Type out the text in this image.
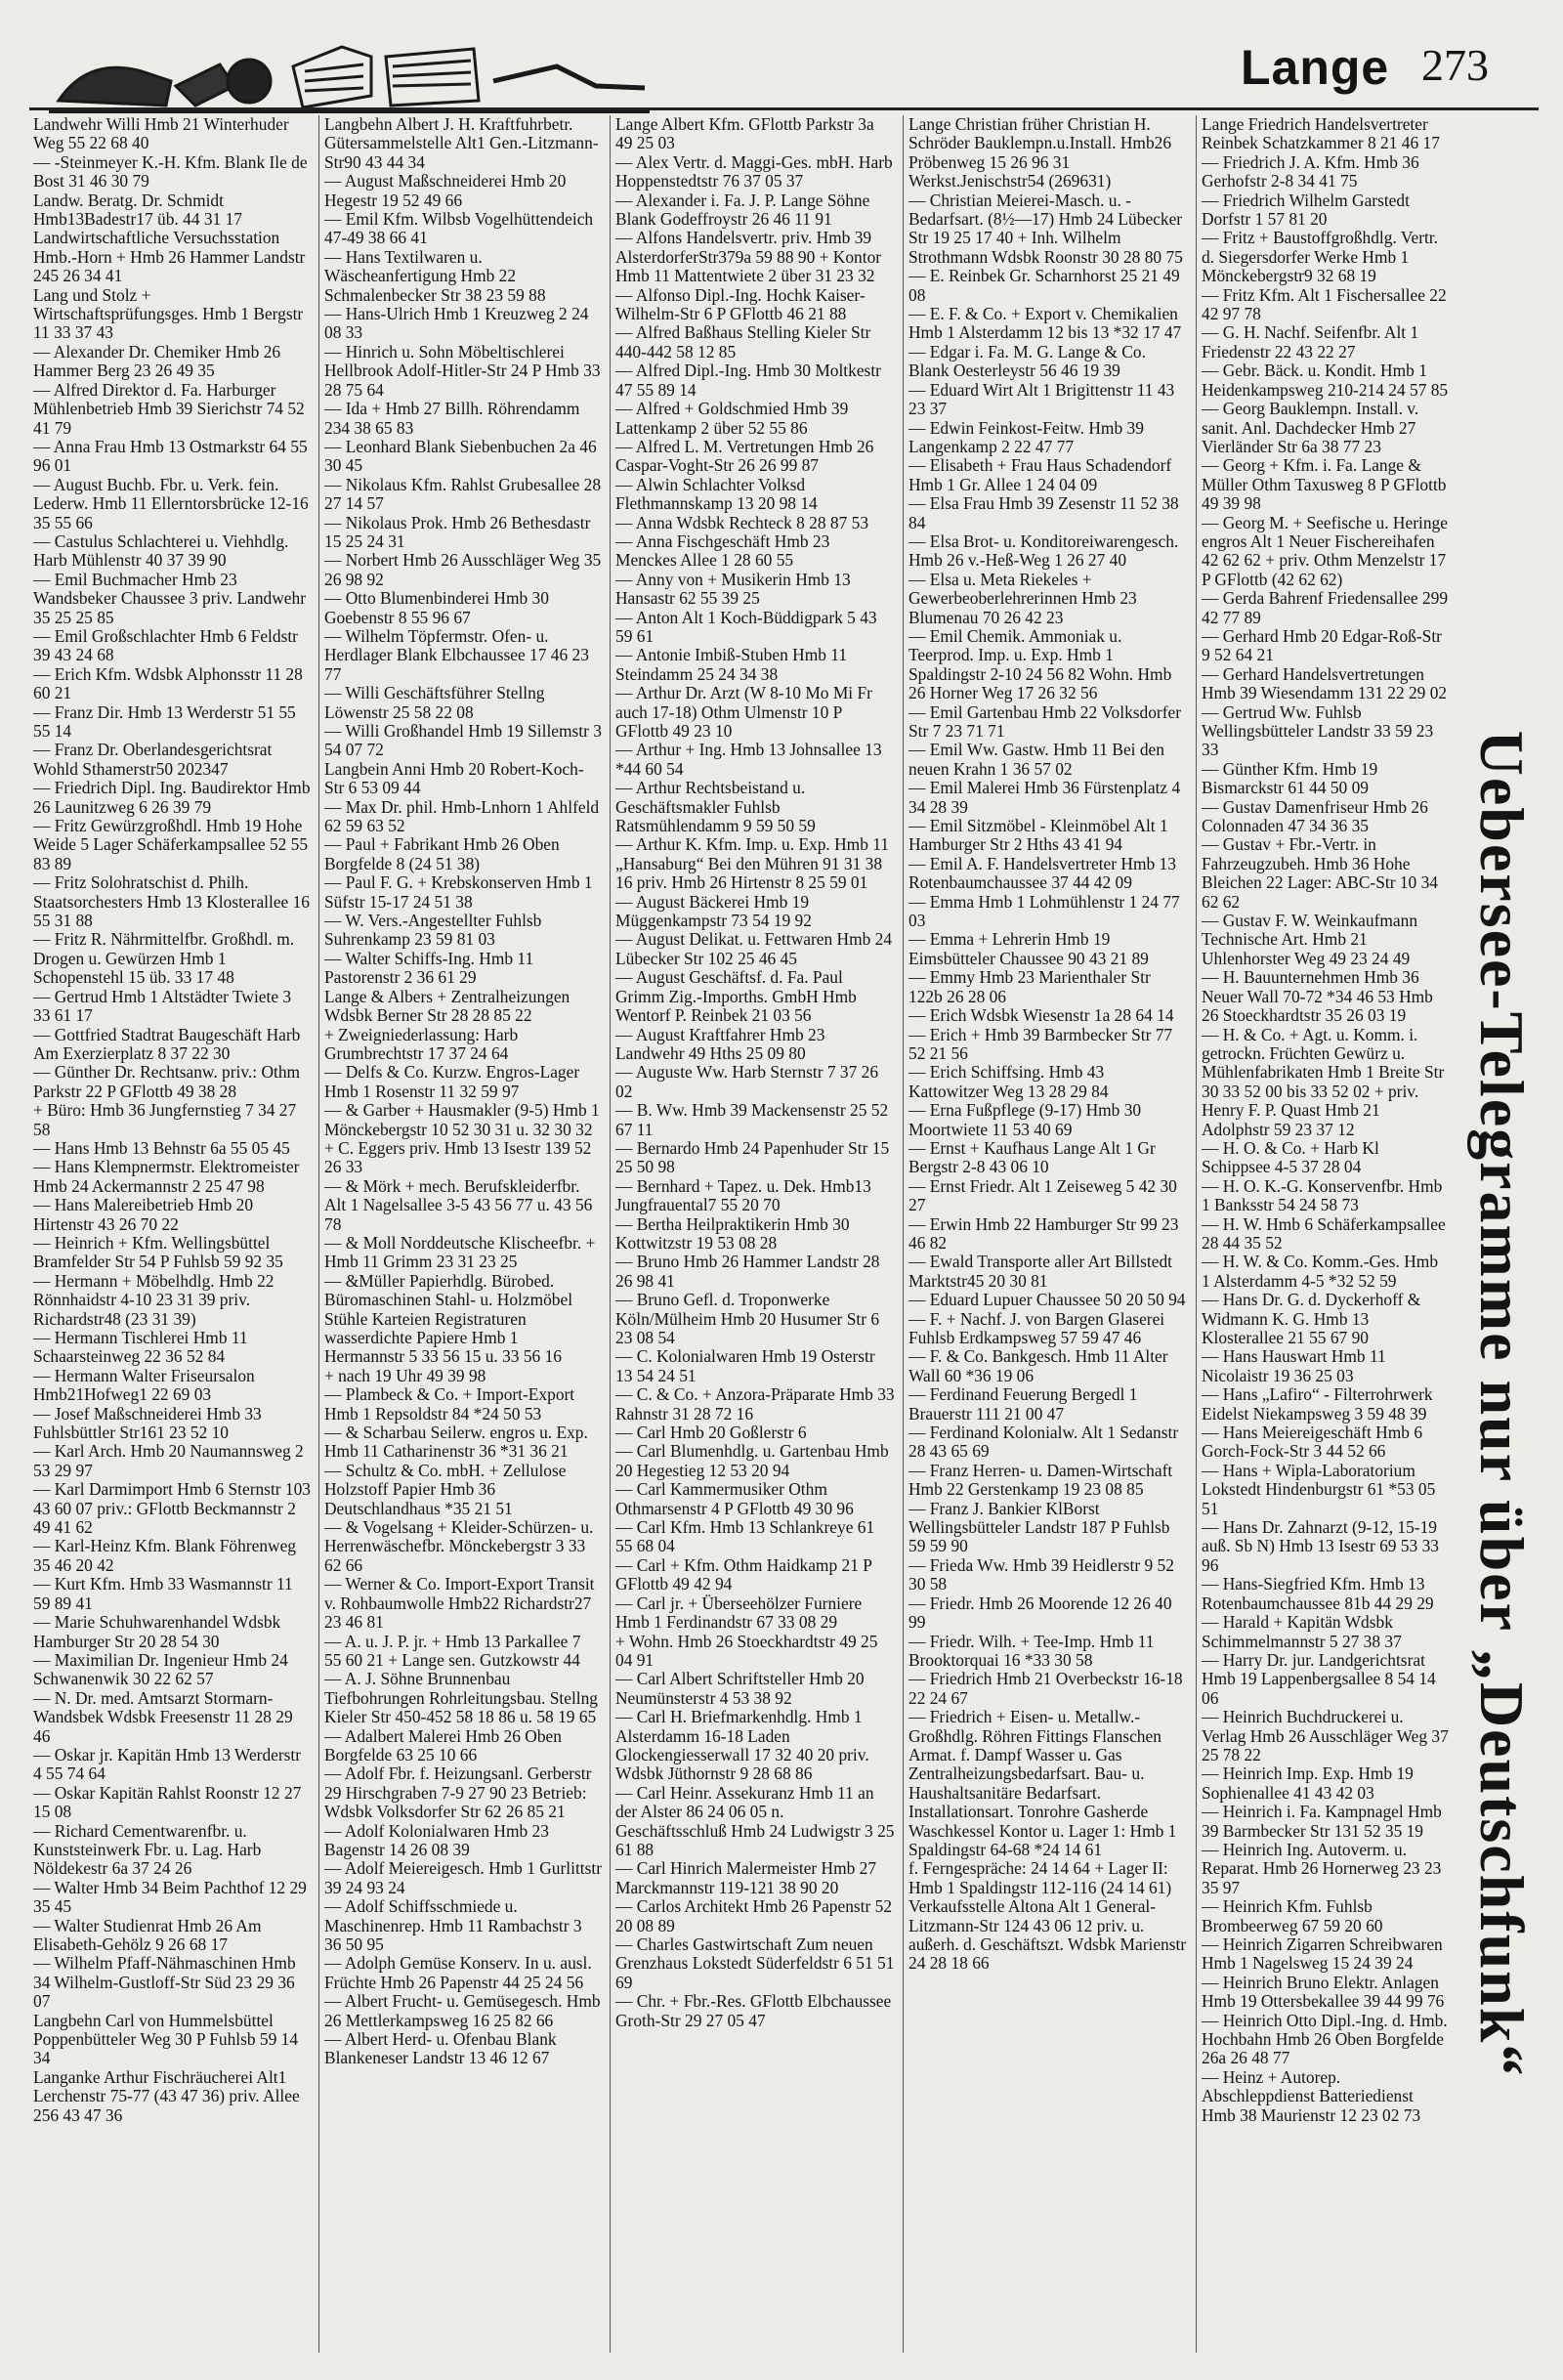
Lange 273

Landwehr Willi Hmb 21 Winterhuder Weg 55 22 68 40

— -Steinmeyer K.-H. Kfm. Blank Ile de Bost 31 46 30 79

Landw. Beratg. Dr. Schmidt Hmb13Badestr17 üb. 44 31 17

Landwirtschaftliche Versuchsstation Hmb.-Horn + Hmb 26 Hammer Landstr 245 26 34 41

Lang und Stolz + Wirtschaftsprüfungsges. Hmb 1 Bergstr 11 33 37 43

— Alexander Dr. Chemiker Hmb 26 Hammer Berg 23 26 49 35

— Alfred Direktor d. Fa. Harburger Mühlenbetrieb Hmb 39 Sierichstr 74 52 41 79

— Anna Frau Hmb 13 Ostmarkstr 64 55 96 01

— August Buchb. Fbr. u. Verk. fein. Lederw. Hmb 11 Ellerntorsbrücke 12-16 35 55 66

— Castulus Schlachterei u. Viehhdlg. Harb Mühlenstr 40 37 39 90

— Emil Buchmacher Hmb 23 Wandsbeker Chaussee 3 priv. Landwehr 35 25 25 85

— Emil Großschlachter Hmb 6 Feldstr 39 43 24 68

— Erich Kfm. Wdsbk Alphonsstr 11 28 60 21

— Franz Dir. Hmb 13 Werderstr 51 55 55 14

— Franz Dr. Oberlandesgerichtsrat Wohld Sthamerstr50 202347

— Friedrich Dipl. Ing. Baudirektor Hmb 26 Launitzweg 6 26 39 79

— Fritz Gewürzgroßhdl. Hmb 19 Hohe Weide 5 Lager Schäferkampsallee 52 55 83 89

— Fritz Solohratschist d. Philh. Staatsorchesters Hmb 13 Klosterallee 16 55 31 88

— Fritz R. Nährmittelfbr. Großhdl. m. Drogen u. Gewürzen Hmb 1 Schopenstehl 15 üb. 33 17 48

— Gertrud Hmb 1 Altstädter Twiete 3 33 61 17

— Gottfried Stadtrat Baugeschäft Harb Am Exerzierplatz 8 37 22 30

— Günther Dr. Rechtsanw. priv.: Othm Parkstr 22 P GFlottb 49 38 28

+ Büro: Hmb 36 Jungfernstieg 7 34 27 58

— Hans Hmb 13 Behnstr 6a 55 05 45

— Hans Klempnermstr. Elektromeister Hmb 24 Ackermannstr 2 25 47 98

— Hans Malereibetrieb Hmb 20 Hirtenstr 43 26 70 22

— Heinrich + Kfm. Wellingsbüttel Bramfelder Str 54 P Fuhlsb 59 92 35

— Hermann + Möbelhdlg. Hmb 22 Rönnhaidstr 4-10 23 31 39 priv. Richardstr48 (23 31 39)

— Hermann Tischlerei Hmb 11 Schaarsteinweg 22 36 52 84

— Hermann Walter Friseursalon Hmb21Hofweg1 22 69 03

— Josef Maßschneiderei Hmb 33 Fuhlsbüttler Str161 23 52 10

— Karl Arch. Hmb 20 Naumannsweg 2 53 29 97

— Karl Darmimport Hmb 6 Sternstr 103 43 60 07 priv.: GFlottb Beckmannstr 2 49 41 62

— Karl-Heinz Kfm. Blank Föhrenweg 35 46 20 42

— Kurt Kfm. Hmb 33 Wasmannstr 11 59 89 41

— Marie Schuhwarenhandel Wdsbk Hamburger Str 20 28 54 30

— Maximilian Dr. Ingenieur Hmb 24 Schwanenwik 30 22 62 57

— N. Dr. med. Amtsarzt Stormarn-Wandsbek Wdsbk Freesenstr 11 28 29 46

— Oskar jr. Kapitän Hmb 13 Werderstr 4 55 74 64

— Oskar Kapitän Rahlst Roonstr 12 27 15 08

— Richard Cementwarenfbr. u. Kunststeinwerk Fbr. u. Lag. Harb Nöldekestr 6a 37 24 26

— Walter Hmb 34 Beim Pachthof 12 29 35 45

— Walter Studienrat Hmb 26 Am Elisabeth-Gehölz 9 26 68 17

— Wilhelm Pfaff-Nähmaschinen Hmb 34 Wilhelm-Gustloff-Str Süd 23 29 36 07

Langbehn Carl von Hummelsbüttel Poppenbütteler Weg 30 P Fuhlsb 59 14 34

Langanke Arthur Fischräucherei Alt1 Lerchenstr 75-77 (43 47 36) priv. Allee 256 43 47 36

Langbehn Albert J. H. Kraftfuhrbetr. Gütersammelstelle Alt1 Gen.-Litzmann-Str90 43 44 34

— August Maßschneiderei Hmb 20 Hegestr 19 52 49 66

— Emil Kfm. Wilbsb Vogelhüttendeich 47-49 38 66 41

— Hans Textilwaren u. Wäscheanfertigung Hmb 22 Schmalenbecker Str 38 23 59 88

— Hans-Ulrich Hmb 1 Kreuzweg 2 24 08 33

— Hinrich u. Sohn Möbeltischlerei Hellbrook Adolf-Hitler-Str 24 P Hmb 33 28 75 64

— Ida + Hmb 27 Billh. Röhrendamm 234 38 65 83

— Leonhard Blank Siebenbuchen 2a 46 30 45

— Nikolaus Kfm. Rahlst Grubesallee 28 27 14 57

— Nikolaus Prok. Hmb 26 Bethesdastr 15 25 24 31

— Norbert Hmb 26 Ausschläger Weg 35 26 98 92

— Otto Blumenbinderei Hmb 30 Goebenstr 8 55 96 67

— Wilhelm Töpfermstr. Ofen- u. Herdlager Blank Elbchaussee 17 46 23 77

— Willi Geschäftsführer Stellng Löwenstr 25 58 22 08

— Willi Großhandel Hmb 19 Sillemstr 3 54 07 72

Langbein Anni Hmb 20 Robert-Koch-Str 6 53 09 44

— Max Dr. phil. Hmb-Lnhorn 1 Ahlfeld 62 59 63 52

— Paul + Fabrikant Hmb 26 Oben Borgfelde 8 (24 51 38)

— Paul F. G. + Krebskonserven Hmb 1 Süfstr 15-17 24 51 38

— W. Vers.-Angestellter Fuhlsb Suhrenkamp 23 59 81 03

— Walter Schiffs-Ing. Hmb 11 Pastorenstr 2 36 61 29

Lange & Albers + Zentralheizungen Wdsbk Berner Str 28 28 85 22

+ Zweigniederlassung: Harb Grumbrechtstr 17 37 24 64

— Delfs & Co. Kurzw. Engros-Lager Hmb 1 Rosenstr 11 32 59 97

— & Garber + Hausmakler (9-5) Hmb 1 Mönckebergstr 10 52 30 31 u. 32 30 32

+ C. Eggers priv. Hmb 13 Isestr 139 52 26 33

— & Mörk + mech. Berufskleiderfbr. Alt 1 Nagelsallee 3-5 43 56 77 u. 43 56 78

— & Moll Norddeutsche Klischeefbr. + Hmb 11 Grimm 23 31 23 25

— &Müller Papierhdlg. Bürobed. Büromaschinen Stahl- u. Holzmöbel Stühle Karteien Registraturen wasserdichte Papiere Hmb 1 Hermannstr 5 33 56 15 u. 33 56 16

+ nach 19 Uhr 49 39 98

— Plambeck & Co. + Import-Export Hmb 1 Repsoldstr 84 *24 50 53

— & Scharbau Seilerw. engros u. Exp. Hmb 11 Catharinenstr 36 *31 36 21

— Schultz & Co. mbH. + Zellulose Holzstoff Papier Hmb 36 Deutschlandhaus *35 21 51

— & Vogelsang + Kleider-Schürzen- u. Herrenwäschefbr. Mönckebergstr 3 33 62 66

— Werner & Co. Import-Export Transit v. Rohbaumwolle Hmb22 Richardstr27 23 46 81

— A. u. J. P. jr. + Hmb 13 Parkallee 7 55 60 21 + Lange sen. Gutzkowstr 44

— A. J. Söhne Brunnenbau Tiefbohrungen Rohrleitungsbau. Stellng Kieler Str 450-452 58 18 86 u. 58 19 65

— Adalbert Malerei Hmb 26 Oben Borgfelde 63 25 10 66

— Adolf Fbr. f. Heizungsanl. Gerberstr 29 Hirschgraben 7-9 27 90 23 Betrieb: Wdsbk Volksdorfer Str 62 26 85 21

— Adolf Kolonialwaren Hmb 23 Bagenstr 14 26 08 39

— Adolf Meiereigesch. Hmb 1 Gurlittstr 39 24 93 24

— Adolf Schiffsschmiede u. Maschinenrep. Hmb 11 Rambachstr 3 36 50 95

— Adolph Gemüse Konserv. In u. ausl. Früchte Hmb 26 Papenstr 44 25 24 56

— Albert Frucht- u. Gemüsegesch. Hmb 26 Mettlerkampsweg 16 25 82 66

— Albert Herd- u. Ofenbau Blank Blankeneser Landstr 13 46 12 67

Lange Albert Kfm. GFlottb Parkstr 3a 49 25 03

— Alex Vertr. d. Maggi-Ges. mbH. Harb Hoppenstedtstr 76 37 05 37

— Alexander i. Fa. J. P. Lange Söhne Blank Godeffroystr 26 46 11 91

— Alfons Handelsvertr. priv. Hmb 39 AlsterdorferStr379a 59 88 90 + Kontor Hmb 11 Mattentwiete 2 über 31 23 32

— Alfonso Dipl.-Ing. Hochk Kaiser-Wilhelm-Str 6 P GFlottb 46 21 88

— Alfred Baßhaus Stelling Kieler Str 440-442 58 12 85

— Alfred Dipl.-Ing. Hmb 30 Moltkestr 47 55 89 14

— Alfred + Goldschmied Hmb 39 Lattenkamp 2 über 52 55 86

— Alfred L. M. Vertretungen Hmb 26 Caspar-Voght-Str 26 26 99 87

— Alwin Schlachter Volksd Flethmannskamp 13 20 98 14

— Anna Wdsbk Rechteck 8 28 87 53

— Anna Fischgeschäft Hmb 23 Menckes Allee 1 28 60 55

— Anny von + Musikerin Hmb 13 Hansastr 62 55 39 25

— Anton Alt 1 Koch-Büddigpark 5 43 59 61

— Antonie Imbiß-Stuben Hmb 11 Steindamm 25 24 34 38

— Arthur Dr. Arzt (W 8-10 Mo Mi Fr auch 17-18) Othm Ulmenstr 10 P GFlottb 49 23 10

— Arthur + Ing. Hmb 13 Johnsallee 13 *44 60 54

— Arthur Rechtsbeistand u. Geschäftsmakler Fuhlsb Ratsmühlendamm 9 59 50 59

— Arthur K. Kfm. Imp. u. Exp. Hmb 11 „Hansaburg“ Bei den Mühren 91 31 38 16 priv. Hmb 26 Hirtenstr 8 25 59 01

— August Bäckerei Hmb 19 Müggenkampstr 73 54 19 92

— August Delikat. u. Fettwaren Hmb 24 Lübecker Str 102 25 46 45

— August Geschäftsf. d. Fa. Paul Grimm Zig.-Imporths. GmbH Hmb Wentorf P. Reinbek 21 03 56

— August Kraftfahrer Hmb 23 Landwehr 49 Hths 25 09 80

— Auguste Ww. Harb Sternstr 7 37 26 02

— B. Ww. Hmb 39 Mackensenstr 25 52 67 11

— Bernardo Hmb 24 Papenhuder Str 15 25 50 98

— Bernhard + Tapez. u. Dek. Hmb13 Jungfrauental7 55 20 70

— Bertha Heilpraktikerin Hmb 30 Kottwitzstr 19 53 08 28

— Bruno Hmb 26 Hammer Landstr 28 26 98 41

— Bruno Gefl. d. Troponwerke Köln/Mülheim Hmb 20 Husumer Str 6 23 08 54

— C. Kolonialwaren Hmb 19 Osterstr 13 54 24 51

— C. & Co. + Anzora-Präparate Hmb 33 Rahnstr 31 28 72 16

— Carl Hmb 20 Goßlerstr 6

— Carl Blumenhdlg. u. Gartenbau Hmb 20 Hegestieg 12 53 20 94

— Carl Kammermusiker Othm Othmarsenstr 4 P GFlottb 49 30 96

— Carl Kfm. Hmb 13 Schlankreye 61 55 68 04

— Carl + Kfm. Othm Haidkamp 21 P GFlottb 49 42 94

— Carl jr. + Überseehölzer Furniere Hmb 1 Ferdinandstr 67 33 08 29

+ Wohn. Hmb 26 Stoeckhardtstr 49 25 04 91

— Carl Albert Schriftsteller Hmb 20 Neumünsterstr 4 53 38 92

— Carl H. Briefmarkenhdlg. Hmb 1 Alsterdamm 16-18 Laden Glockengiesserwall 17 32 40 20 priv. Wdsbk Jüthornstr 9 28 68 86

— Carl Heinr. Assekuranz Hmb 11 an der Alster 86 24 06 05 n. Geschäftsschluß Hmb 24 Ludwigstr 3 25 61 88

— Carl Hinrich Malermeister Hmb 27 Marckmannstr 119-121 38 90 20

— Carlos Architekt Hmb 26 Papenstr 52 20 08 89

— Charles Gastwirtschaft Zum neuen Grenzhaus Lokstedt Süderfeldstr 6 51 51 69

— Chr. + Fbr.-Res. GFlottb Elbchaussee Groth-Str 29 27 05 47

Lange Christian früher Christian H. Schröder Bauklempn.u.Install. Hmb26 Pröbenweg 15 26 96 31 Werkst.Jenischstr54 (269631)

— Christian Meierei-Masch. u. -Bedarfsart. (8½—17) Hmb 24 Lübecker Str 19 25 17 40 + Inh. Wilhelm Strothmann Wdsbk Roonstr 30 28 80 75

— E. Reinbek Gr. Scharnhorst 25 21 49 08

— E. F. & Co. + Export v. Chemikalien Hmb 1 Alsterdamm 12 bis 13 *32 17 47

— Edgar i. Fa. M. G. Lange & Co. Blank Oesterleystr 56 46 19 39

— Eduard Wirt Alt 1 Brigittenstr 11 43 23 37

— Edwin Feinkost-Feitw. Hmb 39 Langenkamp 2 22 47 77

— Elisabeth + Frau Haus Schadendorf Hmb 1 Gr. Allee 1 24 04 09

— Elsa Frau Hmb 39 Zesenstr 11 52 38 84

— Elsa Brot- u. Konditoreiwarengesch. Hmb 26 v.-Heß-Weg 1 26 27 40

— Elsa u. Meta Riekeles + Gewerbeoberlehrerinnen Hmb 23 Blumenau 70 26 42 23

— Emil Chemik. Ammoniak u. Teerprod. Imp. u. Exp. Hmb 1 Spaldingstr 2-10 24 56 82 Wohn. Hmb 26 Horner Weg 17 26 32 56

— Emil Gartenbau Hmb 22 Volksdorfer Str 7 23 71 71

— Emil Ww. Gastw. Hmb 11 Bei den neuen Krahn 1 36 57 02

— Emil Malerei Hmb 36 Fürstenplatz 4 34 28 39

— Emil Sitzmöbel - Kleinmöbel Alt 1 Hamburger Str 2 Hths 43 41 94

— Emil A. F. Handelsvertreter Hmb 13 Rotenbaumchaussee 37 44 42 09

— Emma Hmb 1 Lohmühlenstr 1 24 77 03

— Emma + Lehrerin Hmb 19 Eimsbütteler Chaussee 90 43 21 89

— Emmy Hmb 23 Marienthaler Str 122b 26 28 06

— Erich Wdsbk Wiesenstr 1a 28 64 14

— Erich + Hmb 39 Barmbecker Str 77 52 21 56

— Erich Schiffsing. Hmb 43 Kattowitzer Weg 13 28 29 84

— Erna Fußpflege (9-17) Hmb 30 Moortwiete 11 53 40 69

— Ernst + Kaufhaus Lange Alt 1 Gr Bergstr 2-8 43 06 10

— Ernst Friedr. Alt 1 Zeiseweg 5 42 30 27

— Erwin Hmb 22 Hamburger Str 99 23 46 82

— Ewald Transporte aller Art Billstedt Marktstr45 20 30 81

— Eduard Lupuer Chaussee 50 20 50 94

— F. + Nachf. J. von Bargen Glaserei Fuhlsb Erdkampsweg 57 59 47 46

— F. & Co. Bankgesch. Hmb 11 Alter Wall 60 *36 19 06

— Ferdinand Feuerung Bergedl 1 Brauerstr 111 21 00 47

— Ferdinand Kolonialw. Alt 1 Sedanstr 28 43 65 69

— Franz Herren- u. Damen-Wirtschaft Hmb 22 Gerstenkamp 19 23 08 85

— Franz J. Bankier KlBorst Wellingsbütteler Landstr 187 P Fuhlsb 59 59 90

— Frieda Ww. Hmb 39 Heidlerstr 9 52 30 58

— Friedr. Hmb 26 Moorende 12 26 40 99

— Friedr. Wilh. + Tee-Imp. Hmb 11 Brooktorquai 16 *33 30 58

— Friedrich Hmb 21 Overbeckstr 16-18 22 24 67

— Friedrich + Eisen- u. Metallw.-Großhdlg. Röhren Fittings Flanschen Armat. f. Dampf Wasser u. Gas Zentralheizungsbedarfsart. Bau- u. Haushaltsanitäre Bedarfsart. Installationsart. Tonrohre Gasherde Waschkessel Kontor u. Lager 1: Hmb 1 Spaldingstr 64-68 *24 14 61

f. Ferngespräche: 24 14 64 + Lager II: Hmb 1 Spaldingstr 112-116 (24 14 61) Verkaufsstelle Altona Alt 1 General-Litzmann-Str 124 43 06 12 priv. u. außerh. d. Geschäftszt. Wdsbk Marienstr 24 28 18 66

Lange Friedrich Handelsvertreter Reinbek Schatzkammer 8 21 46 17

— Friedrich J. A. Kfm. Hmb 36 Gerhofstr 2-8 34 41 75

— Friedrich Wilhelm Garstedt Dorfstr 1 57 81 20

— Fritz + Baustoffgroßhdlg. Vertr. d. Siegersdorfer Werke Hmb 1 Mönckebergstr9 32 68 19

— Fritz Kfm. Alt 1 Fischersallee 22 42 97 78

— G. H. Nachf. Seifenfbr. Alt 1 Friedenstr 22 43 22 27

— Gebr. Bäck. u. Kondit. Hmb 1 Heidenkampsweg 210-214 24 57 85

— Georg Bauklempn. Install. v. sanit. Anl. Dachdecker Hmb 27 Vierländer Str 6a 38 77 23

— Georg + Kfm. i. Fa. Lange & Müller Othm Taxusweg 8 P GFlottb 49 39 98

— Georg M. + Seefische u. Heringe engros Alt 1 Neuer Fischereihafen 42 62 62 + priv. Othm Menzelstr 17 P GFlottb (42 62 62)

— Gerda Bahrenf Friedensallee 299 42 77 89

— Gerhard Hmb 20 Edgar-Roß-Str 9 52 64 21

— Gerhard Handelsvertretungen Hmb 39 Wiesendamm 131 22 29 02

— Gertrud Ww. Fuhlsb Wellingsbütteler Landstr 33 59 23 33

— Günther Kfm. Hmb 19 Bismarckstr 61 44 50 09

— Gustav Damenfriseur Hmb 26 Colonnaden 47 34 36 35

— Gustav + Fbr.-Vertr. in Fahrzeugzubeh. Hmb 36 Hohe Bleichen 22 Lager: ABC-Str 10 34 62 62

— Gustav F. W. Weinkaufmann Technische Art. Hmb 21 Uhlenhorster Weg 49 23 24 49

— H. Bauunternehmen Hmb 36 Neuer Wall 70-72 *34 46 53 Hmb 26 Stoeckhardtstr 35 26 03 19

— H. & Co. + Agt. u. Komm. i. getrockn. Früchten Gewürz u. Mühlenfabrikaten Hmb 1 Breite Str 30 33 52 00 bis 33 52 02 + priv. Henry F. P. Quast Hmb 21 Adolphstr 59 23 37 12

— H. O. & Co. + Harb Kl Schippsee 4-5 37 28 04

— H. O. K.-G. Konservenfbr. Hmb 1 Banksstr 54 24 58 73

— H. W. Hmb 6 Schäferkampsallee 28 44 35 52

— H. W. & Co. Komm.-Ges. Hmb 1 Alsterdamm 4-5 *32 52 59

— Hans Dr. G. d. Dyckerhoff & Widmann K. G. Hmb 13 Klosterallee 21 55 67 90

— Hans Hauswart Hmb 11 Nicolaistr 19 36 25 03

— Hans „Lafiro“ - Filterrohrwerk Eidelst Niekampsweg 3 59 48 39

— Hans Meiereigeschäft Hmb 6 Gorch-Fock-Str 3 44 52 66

— Hans + Wipla-Laboratorium Lokstedt Hindenburgstr 61 *53 05 51

— Hans Dr. Zahnarzt (9-12, 15-19 auß. Sb N) Hmb 13 Isestr 69 53 33 96

— Hans-Siegfried Kfm. Hmb 13 Rotenbaumchaussee 81b 44 29 29

— Harald + Kapitän Wdsbk Schimmelmannstr 5 27 38 37

— Harry Dr. jur. Landgerichtsrat Hmb 19 Lappenbergsallee 8 54 14 06

— Heinrich Buchdruckerei u. Verlag Hmb 26 Ausschläger Weg 37 25 78 22

— Heinrich Imp. Exp. Hmb 19 Sophienallee 41 43 42 03

— Heinrich i. Fa. Kampnagel Hmb 39 Barmbecker Str 131 52 35 19

— Heinrich Ing. Autoverm. u. Reparat. Hmb 26 Hornerweg 23 23 35 97

— Heinrich Kfm. Fuhlsb Brombeerweg 67 59 20 60

— Heinrich Zigarren Schreibwaren Hmb 1 Nagelsweg 15 24 39 24

— Heinrich Bruno Elektr. Anlagen Hmb 19 Ottersbekallee 39 44 99 76

— Heinrich Otto Dipl.-Ing. d. Hmb. Hochbahn Hmb 26 Oben Borgfelde 26a 26 48 77

— Heinz + Autorep. Abschleppdienst Batteriedienst Hmb 38 Maurienstr 12 23 02 73

Uebersee-Telegramme nur über „Deutschfunk“
